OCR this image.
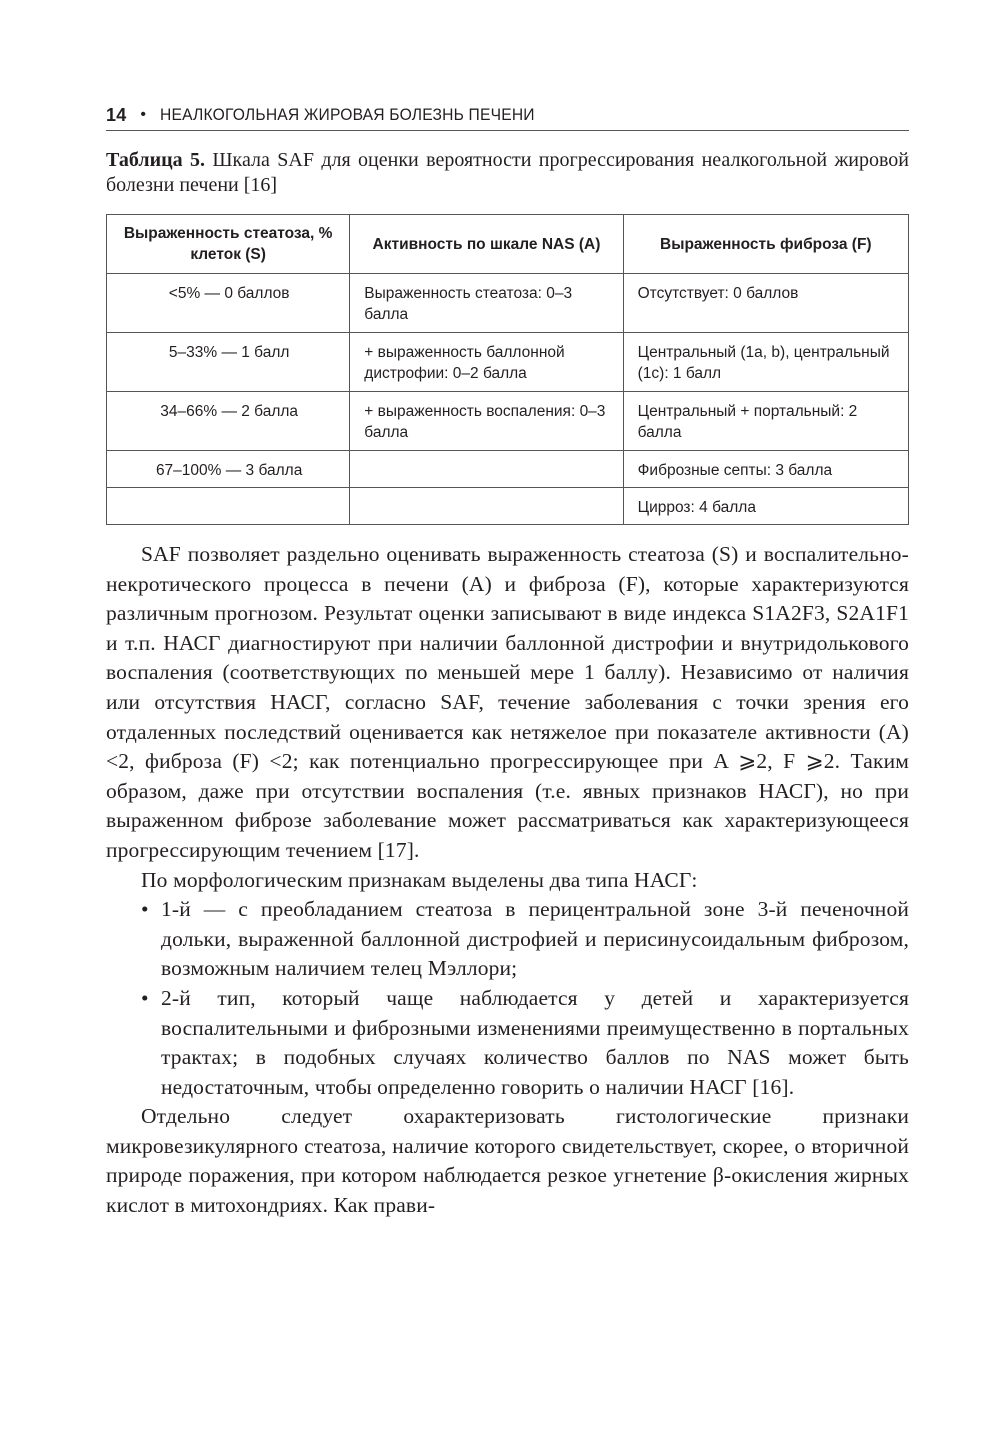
14 • НЕАЛКОГОЛЬНАЯ ЖИРОВАЯ БОЛЕЗНЬ ПЕЧЕНИ
Таблица 5. Шкала SAF для оценки вероятности прогрессирования неалкогольной жировой болезни печени [16]
Выраженность стеатоза, % клеток (S)	Активность по шкале NAS (A)	Выраженность фиброза (F)
<5% — 0 баллов	Выраженность стеатоза: 0–3 балла	Отсутствует: 0 баллов
5–33% — 1 балл	+ выраженность баллонной дистрофии: 0–2 балла	Центральный (1a, b), центральный (1c): 1 балл
34–66% — 2 балла	+ выраженность воспаления: 0–3 балла	Центральный + портальный: 2 балла
67–100% — 3 балла		Фиброзные септы: 3 балла
		Цирроз: 4 балла

SAF позволяет раздельно оценивать выраженность стеатоза (S) и воспалительно-некротического процесса в печени (A) и фиброза (F), которые характеризуются различным прогнозом. Результат оценки записывают в виде индекса S1A2F3, S2A1F1 и т.п. НАСГ диагностируют при наличии баллонной дистрофии и внутридолькового воспаления (соответствующих по меньшей мере 1 баллу). Независимо от наличия или отсутствия НАСГ, согласно SAF, течение заболевания с точки зрения его отдаленных последствий оценивается как нетяжелое при показателе активности (A) <2, фиброза (F) <2; как потенциально прогрессирующее при A ⩾2, F ⩾2. Таким образом, даже при отсутствии воспаления (т.е. явных признаков НАСГ), но при выраженном фиброзе заболевание может рассматриваться как характеризующееся прогрессирующим течением [17].

По морфологическим признакам выделены два типа НАСГ:

• 1-й — с преобладанием стеатоза в перицентральной зоне 3-й печеночной дольки, выраженной баллонной дистрофией и перисинусоидальным фиброзом, возможным наличием телец Мэллори;
• 2-й тип, который чаще наблюдается у детей и характеризуется воспалительными и фиброзными изменениями преимущественно в портальных трактах; в подобных случаях количество баллов по NAS может быть недостаточным, чтобы определенно говорить о наличии НАСГ [16].

Отдельно следует охарактеризовать гистологические признаки микровезикулярного стеатоза, наличие которого свидетельствует, скорее, о вторичной природе поражения, при котором наблюдается резкое угнетение β-окисления жирных кислот в митохондриях. Как прави-
